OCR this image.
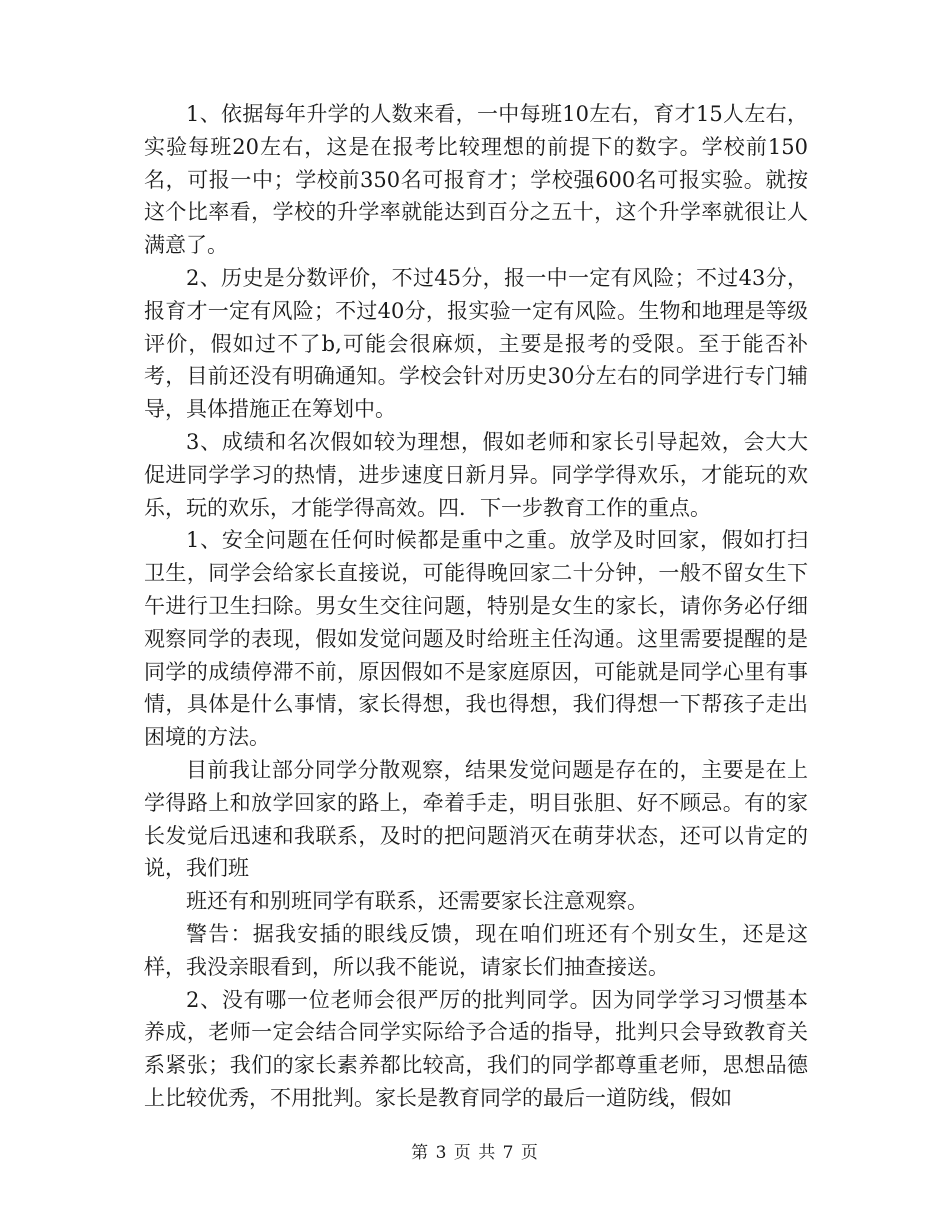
1、依据每年升学的人数来看，一中每班10左右，育才15人左右，实验每班20左右，这是在报考比较理想的前提下的数字。学校前150名，可报一中；学校前350名可报育才；学校强600名可报实验。就按这个比率看，学校的升学率就能达到百分之五十，这个升学率就很让人满意了。

2、历史是分数评价，不过45分，报一中一定有风险；不过43分，报育才一定有风险；不过40分，报实验一定有风险。生物和地理是等级评价，假如过不了b,可能会很麻烦，主要是报考的受限。至于能否补考，目前还没有明确通知。学校会针对历史30分左右的同学进行专门辅导，具体措施正在筹划中。

3、成绩和名次假如较为理想，假如老师和家长引导起效，会大大促进同学学习的热情，进步速度日新月异。同学学得欢乐，才能玩的欢乐，玩的欢乐，才能学得高效。四．下一步教育工作的重点。

1、安全问题在任何时候都是重中之重。放学及时回家，假如打扫卫生，同学会给家长直接说，可能得晚回家二十分钟，一般不留女生下午进行卫生扫除。男女生交往问题，特别是女生的家长，请你务必仔细观察同学的表现，假如发觉问题及时给班主任沟通。这里需要提醒的是同学的成绩停滞不前，原因假如不是家庭原因，可能就是同学心里有事情，具体是什么事情，家长得想，我也得想，我们得想一下帮孩子走出困境的方法。

目前我让部分同学分散观察，结果发觉问题是存在的，主要是在上学得路上和放学回家的路上，牵着手走，明目张胆、好不顾忌。有的家长发觉后迅速和我联系，及时的把问题消灭在萌芽状态，还可以肯定的说，我们班

班还有和别班同学有联系，还需要家长注意观察。

警告：据我安插的眼线反馈，现在咱们班还有个别女生，还是这样，我没亲眼看到，所以我不能说，请家长们抽查接送。

2、没有哪一位老师会很严厉的批判同学。因为同学学习习惯基本养成，老师一定会结合同学实际给予合适的指导，批判只会导致教育关系紧张；我们的家长素养都比较高，我们的同学都尊重老师，思想品德上比较优秀，不用批判。家长是教育同学的最后一道防线，假如

第 3 页 共 7 页
